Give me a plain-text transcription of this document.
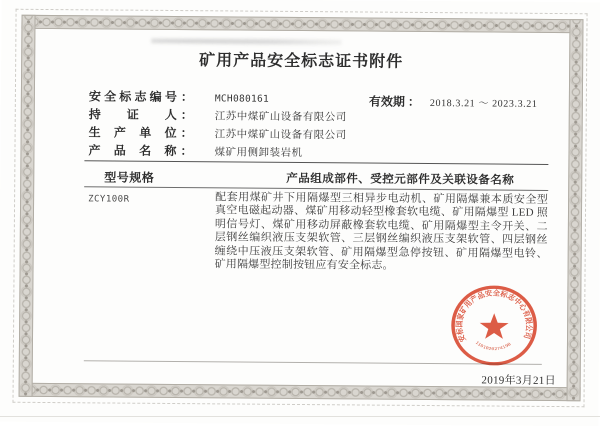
矿用产品安全标志证书附件
安全标志编号 ： MCH080161
持证人 ： 江苏中煤矿山设备有限公司
生产单位 ： 江苏中煤矿山设备有限公司
产品名称 ： 煤矿用侧卸装岩机
有效期 ： 2018.3.21 ～ 2023.3.21
型号规格	产品组成部件、受控元部件及关联设备名称
ZCY100R	配套用煤矿井下用隔爆型三相异步电动机、矿用隔爆兼本质安全型真空电磁起动器、煤矿用移动轻型橡套软电缆、矿用隔爆型 LED 照明信号灯、煤矿用移动屏蔽橡套软电缆、矿用隔爆型主令开关、二层钢丝编织液压支架软管、三层钢丝编织液压支架软管、四层钢丝缠绕中压液压支架软管、矿用隔爆型急停按钮、矿用隔爆型电铃、矿用隔爆型控制按钮应有安全标志。
安标国家矿用产品安全标志中心有限公司
1101020274198
2019年3月21日
